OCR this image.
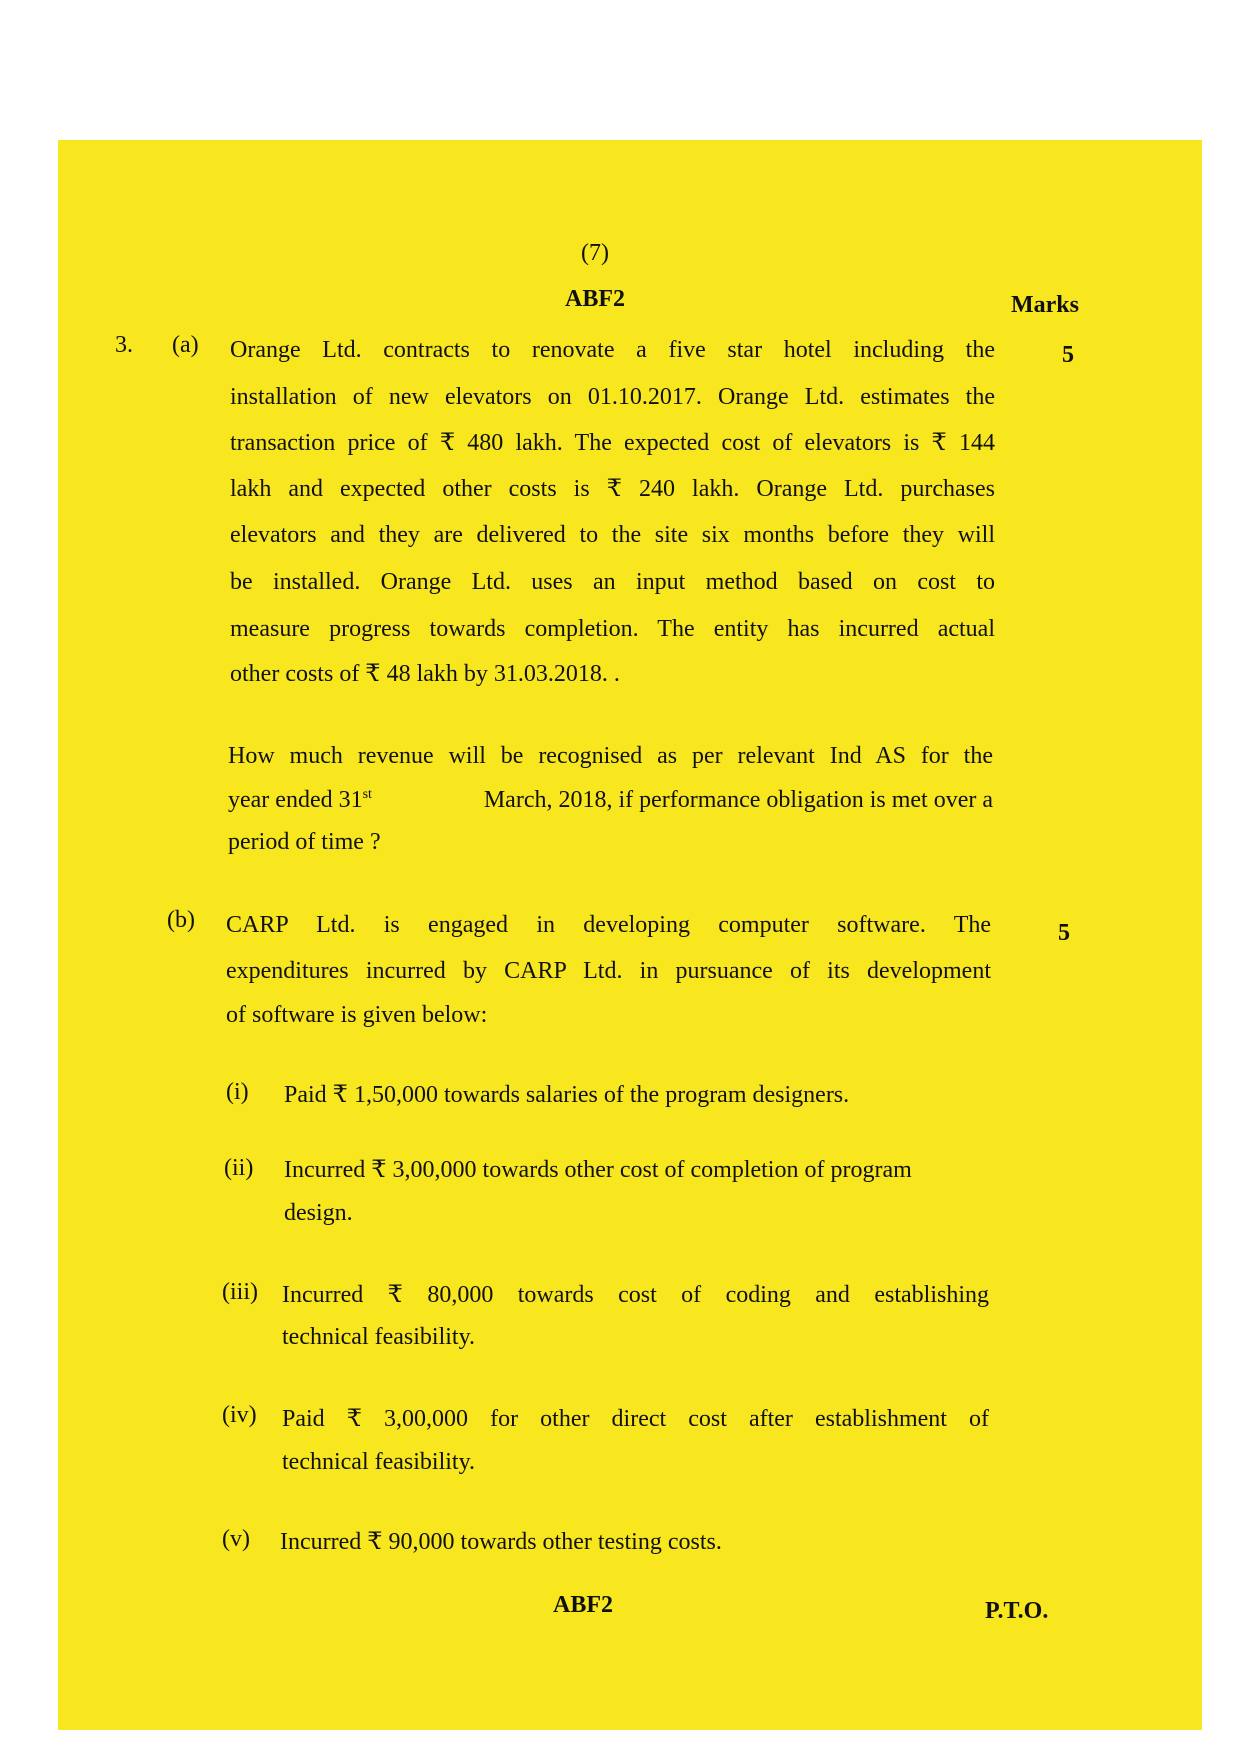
(7)
ABF2	Marks
3. (a)	5
Orange Ltd. contracts to renovate a five star hotel including the
installation of new elevators on 01.10.2017. Orange Ltd. estimates the
transaction price of ₹ 480 lakh. The expected cost of elevators is ₹ 144
lakh and expected other costs is ₹ 240 lakh. Orange Ltd. purchases
elevators and they are delivered to the site six months before they will
be installed. Orange Ltd. uses an input method based on cost to
measure progress towards completion. The entity has incurred actual
other costs of ₹ 48 lakh by 31.03.2018. .
How much revenue will be recognised as per relevant Ind AS for the
year ended 31st	March, 2018, if performance obligation is met over a
period of time ?
(b)	5
CARP Ltd. is engaged in developing computer software. The
expenditures incurred by CARP Ltd. in pursuance of its development
of software is given below:
(i) Paid ₹ 1,50,000 towards salaries of the program designers.
(ii) Incurred ₹ 3,00,000 towards other cost of completion of program
design.
(iii) Incurred ₹ 80,000 towards cost of coding and establishing
technical feasibility.
(iv) Paid ₹ 3,00,000 for other direct cost after establishment of
technical feasibility.
(v) Incurred ₹ 90,000 towards other testing costs.
ABF2	P.T.O.
